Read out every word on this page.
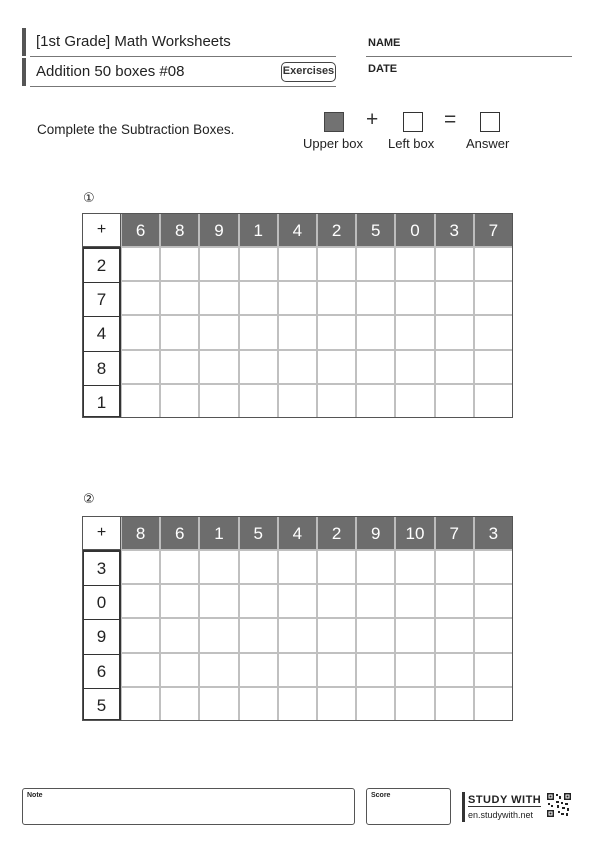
[1st Grade] Math Worksheets
Addition 50 boxes #08	Exercises
NAME
DATE
Complete the Subtraction Boxes.	+	=
Upper box Left box Answer
①
+	6	8	9	1	4	2	5	0	3	7
2
7
4
8
1
②
+	8	6	1	5	4	2	9	10	7	3
3
0
9
6
5
Note	Score	STUDY WITH
en.studywith.net
